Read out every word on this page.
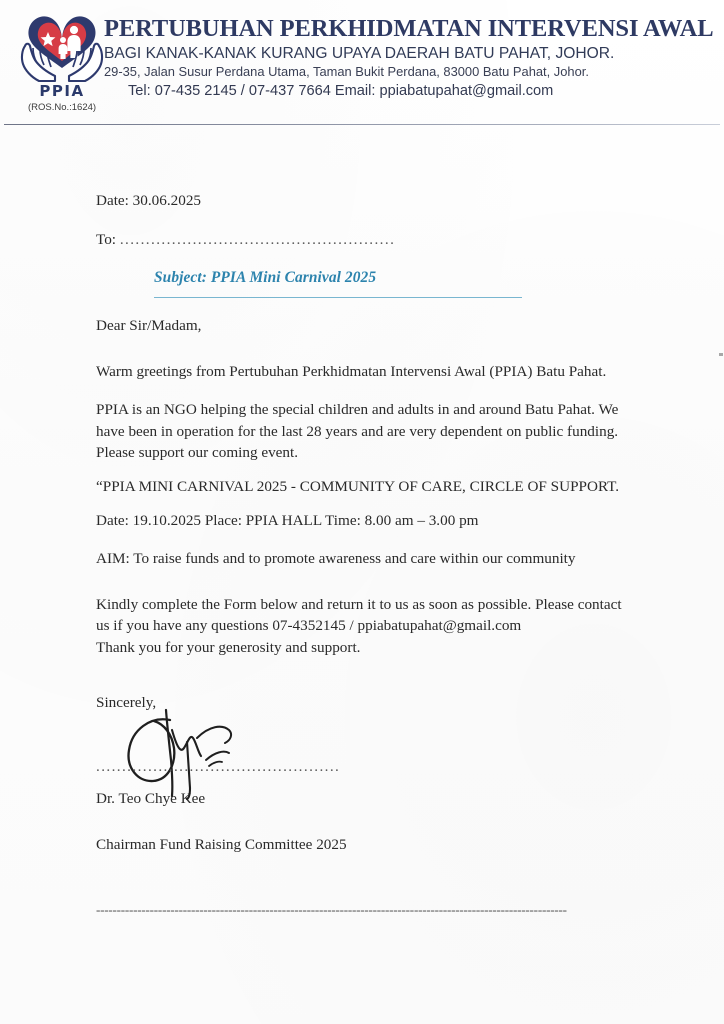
PPIA
(ROS.No.:1624)
PERTUBUHAN PERKHIDMATAN INTERVENSI AWAL
BAGI KANAK-KANAK KURANG UPAYA DAERAH BATU PAHAT, JOHOR.
29-35, Jalan Susur Perdana Utama, Taman Bukit Perdana, 83000 Batu Pahat, Johor.
Tel: 07-435 2145 / 07-437 7664 Email: ppiabatupahat@gmail.com
Date: 30.06.2025
To: .....................................................
Subject: PPIA Mini Carnival 2025
Dear Sir/Madam,
Warm greetings from Pertubuhan Perkhidmatan Intervensi Awal (PPIA) Batu Pahat.
PPIA is an NGO helping the special children and adults in and around Batu Pahat. We have been in operation for the last 28 years and are very dependent on public funding. Please support our coming event.
“PPIA MINI CARNIVAL 2025 - COMMUNITY OF CARE, CIRCLE OF SUPPORT.
Date: 19.10.2025 Place: PPIA HALL Time: 8.00 am – 3.00 pm
AIM: To raise funds and to promote awareness and care within our community
Kindly complete the Form below and return it to us as soon as possible. Please contact
us if you have any questions 07-4352145 / ppiabatupahat@gmail.com
Thank you for your generosity and support.
Sincerely,
...............................................
Dr. Teo Chye Kee
Chairman Fund Raising Committee 2025
------------------------------------------------------------------------------------------------------------------
